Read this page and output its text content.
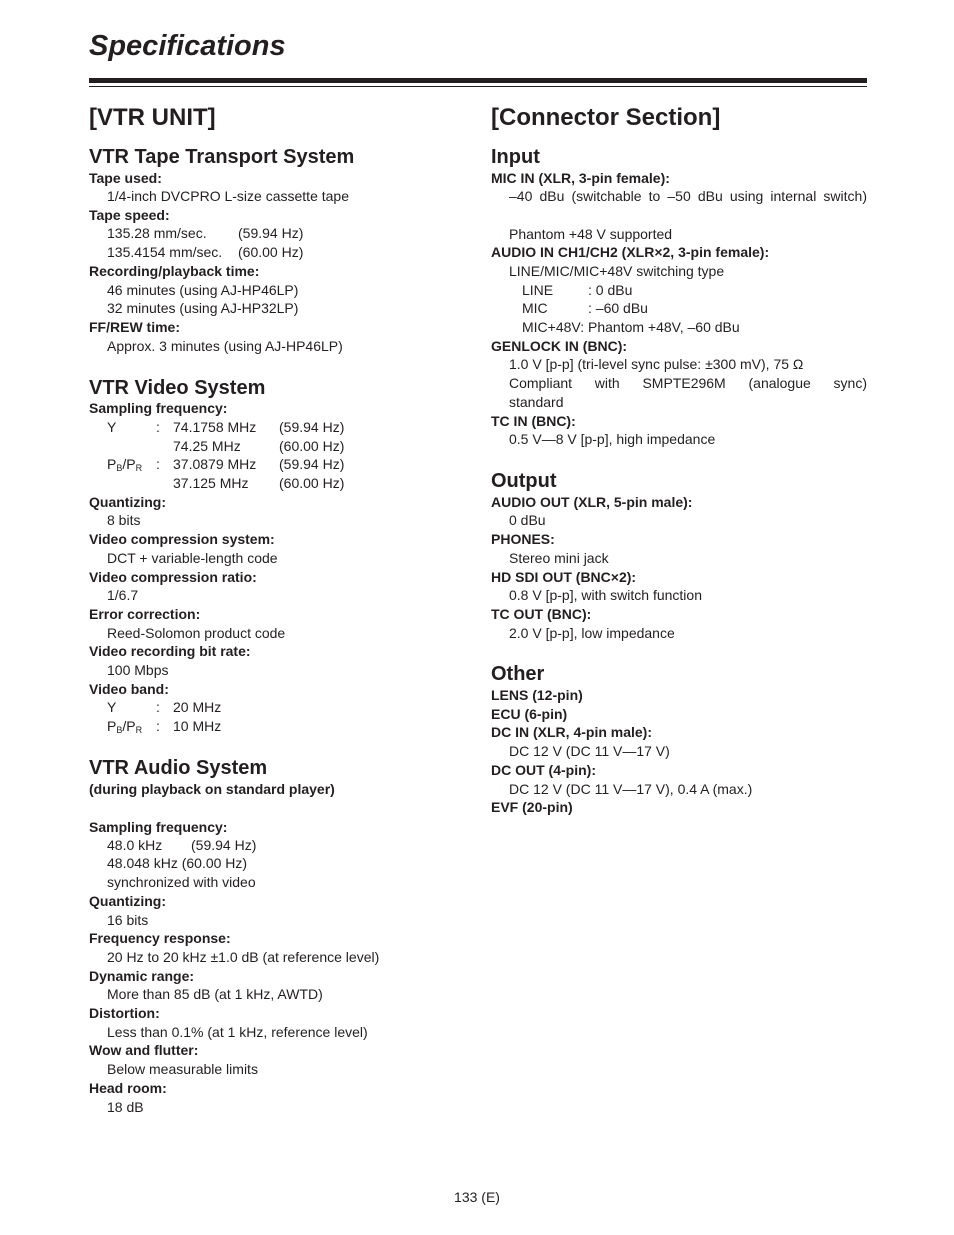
Specifications
[VTR UNIT]
VTR Tape Transport System
Tape used:
1/4-inch DVCPRO L-size cassette tape
Tape speed:
135.28 mm/sec. (59.94 Hz)
135.4154 mm/sec. (60.00 Hz)
Recording/playback time:
46 minutes (using AJ-HP46LP)
32 minutes (using AJ-HP32LP)
FF/REW time:
Approx. 3 minutes (using AJ-HP46LP)
VTR Video System
Sampling frequency:
Y	: 74.1758 MHz (59.94 Hz)
74.25 MHz	(60.00 Hz)
$P_B/P_R$ : 37.0879 MHz (59.94 Hz)
37.125 MHz (60.00 Hz)
Quantizing:
8 bits
Video compression system:
DCT + variable-length code
Video compression ratio:
1/6.7
Error correction:
Reed-Solomon product code
Video recording bit rate:
100 Mbps
Video band:
Y	: 20 MHz
$P_B/P_R$ : 10 MHz
VTR Audio System
(during playback on standard player)
Sampling frequency:
48.0 kHz (59.94 Hz)
48.048 kHz (60.00 Hz)
synchronized with video
Quantizing:
16 bits
Frequency response:
20 Hz to 20 kHz ±1.0 dB (at reference level)
Dynamic range:
More than 85 dB (at 1 kHz, AWTD)
Distortion:
Less than 0.1% (at 1 kHz, reference level)
Wow and flutter:
Below measurable limits
Head room:
18 dB
[Connector Section]
Input
MIC IN (XLR, 3-pin female):
–40 dBu (switchable to –50 dBu using internal switch)
Phantom +48 V supported
AUDIO IN CH1/CH2 (XLR×2, 3-pin female):
LINE/MIC/MIC+48V switching type
LINE : 0 dBu
MIC	: –60 dBu
MIC+48V: Phantom +48V, –60 dBu
GENLOCK IN (BNC):
1.0 V [p-p] (tri-level sync pulse: ±300 mV), 75 Ω
Compliant with SMPTE296M (analogue sync)
standard
TC IN (BNC):
0.5 V—8 V [p-p], high impedance
Output
AUDIO OUT (XLR, 5-pin male):
0 dBu
PHONES:
Stereo mini jack
HD SDI OUT (BNC×2):
0.8 V [p-p], with switch function
TC OUT (BNC):
2.0 V [p-p], low impedance
Other
LENS (12-pin)
ECU (6-pin)
DC IN (XLR, 4-pin male):
DC 12 V (DC 11 V—17 V)
DC OUT (4-pin):
DC 12 V (DC 11 V—17 V), 0.4 A (max.)
EVF (20-pin)
133 (E)
